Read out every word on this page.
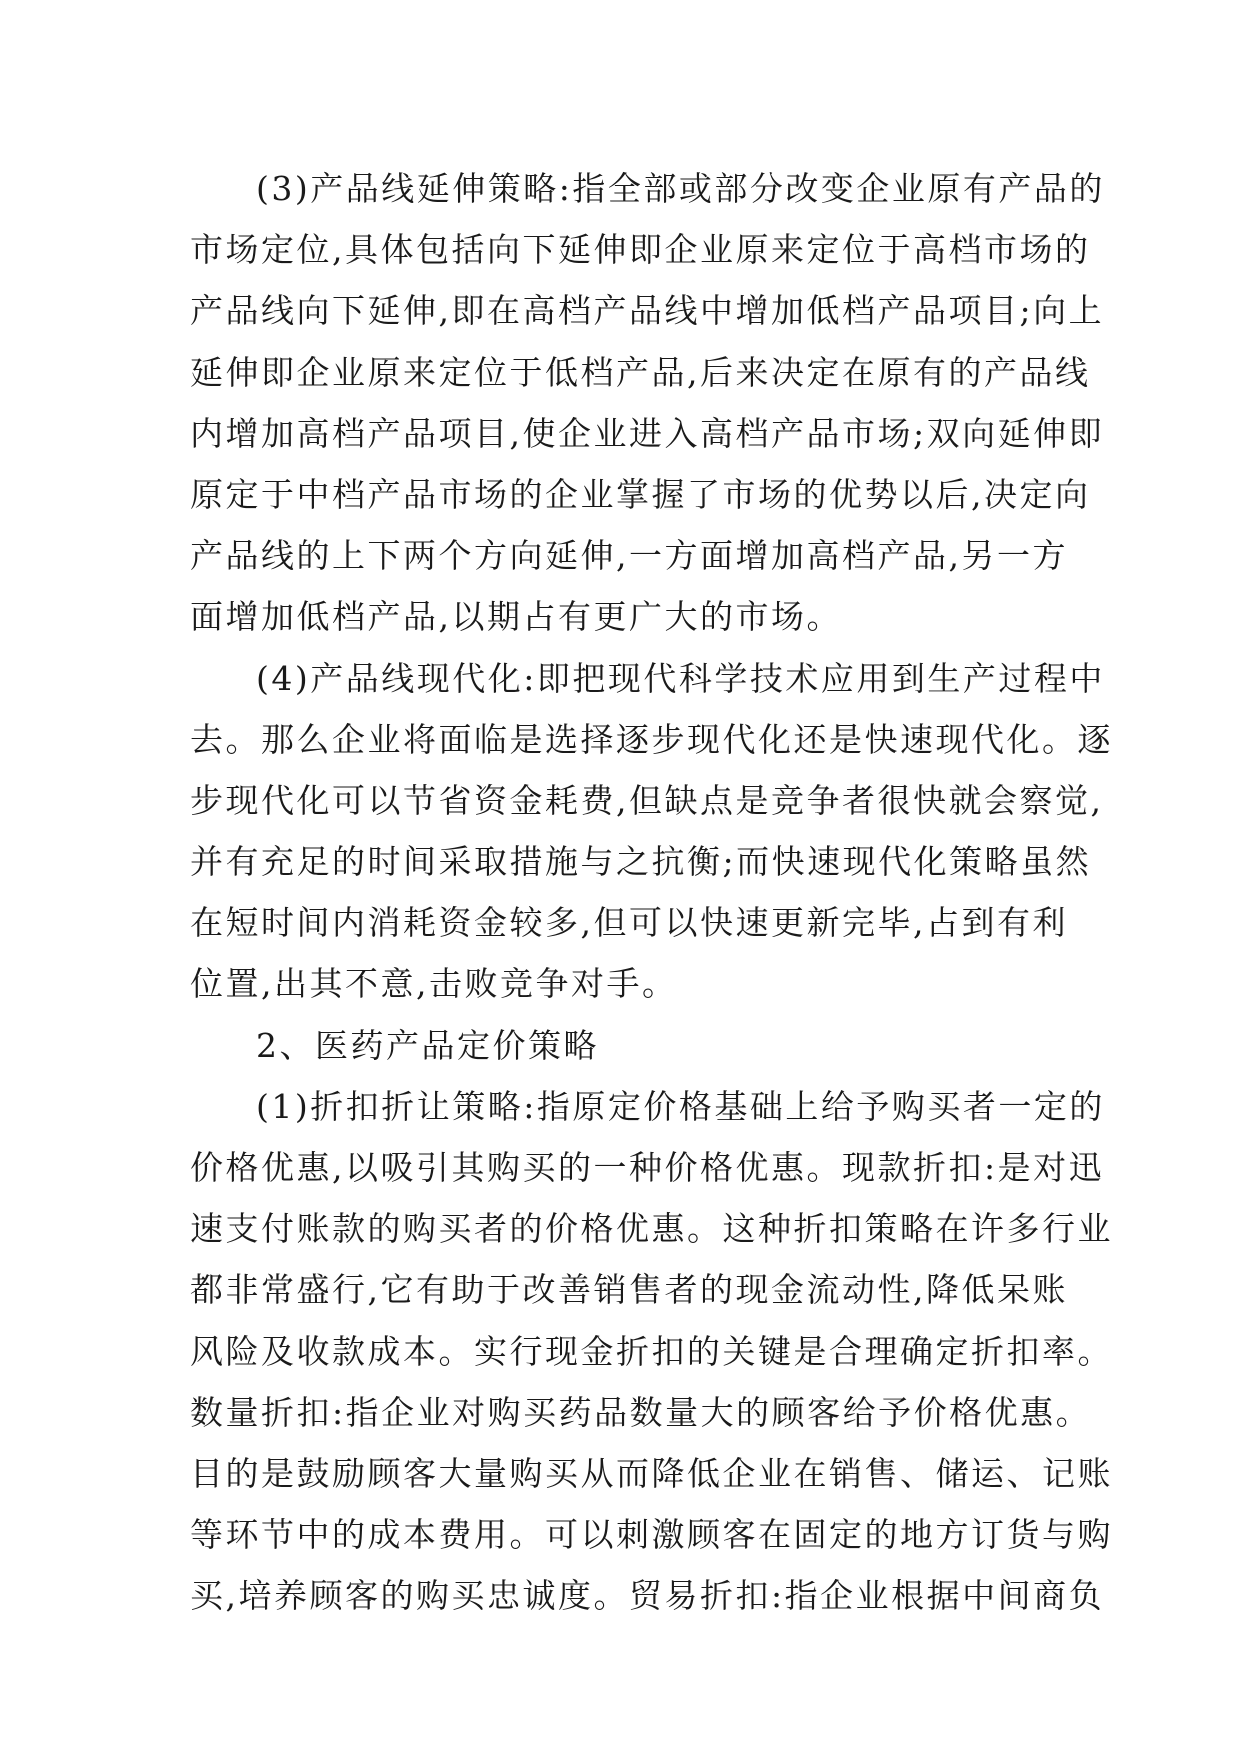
(3)产品线延伸策略:指全部或部分改变企业原有产品的
市场定位,具体包括向下延伸即企业原来定位于高档市场的
产品线向下延伸,即在高档产品线中增加低档产品项目;向上
延伸即企业原来定位于低档产品,后来决定在原有的产品线
内增加高档产品项目,使企业进入高档产品市场;双向延伸即
原定于中档产品市场的企业掌握了市场的优势以后,决定向
产品线的上下两个方向延伸,一方面增加高档产品,另一方
面增加低档产品,以期占有更广大的市场。
(4)产品线现代化:即把现代科学技术应用到生产过程中
去。那么企业将面临是选择逐步现代化还是快速现代化。逐
步现代化可以节省资金耗费,但缺点是竞争者很快就会察觉,
并有充足的时间采取措施与之抗衡;而快速现代化策略虽然
在短时间内消耗资金较多,但可以快速更新完毕,占到有利
位置,出其不意,击败竞争对手。
2、医药产品定价策略
(1)折扣折让策略:指原定价格基础上给予购买者一定的
价格优惠,以吸引其购买的一种价格优惠。现款折扣:是对迅
速支付账款的购买者的价格优惠。这种折扣策略在许多行业
都非常盛行,它有助于改善销售者的现金流动性,降低呆账
风险及收款成本。实行现金折扣的关键是合理确定折扣率。
数量折扣:指企业对购买药品数量大的顾客给予价格优惠。
目的是鼓励顾客大量购买从而降低企业在销售、储运、记账
等环节中的成本费用。可以刺激顾客在固定的地方订货与购
买,培养顾客的购买忠诚度。贸易折扣:指企业根据中间商负
